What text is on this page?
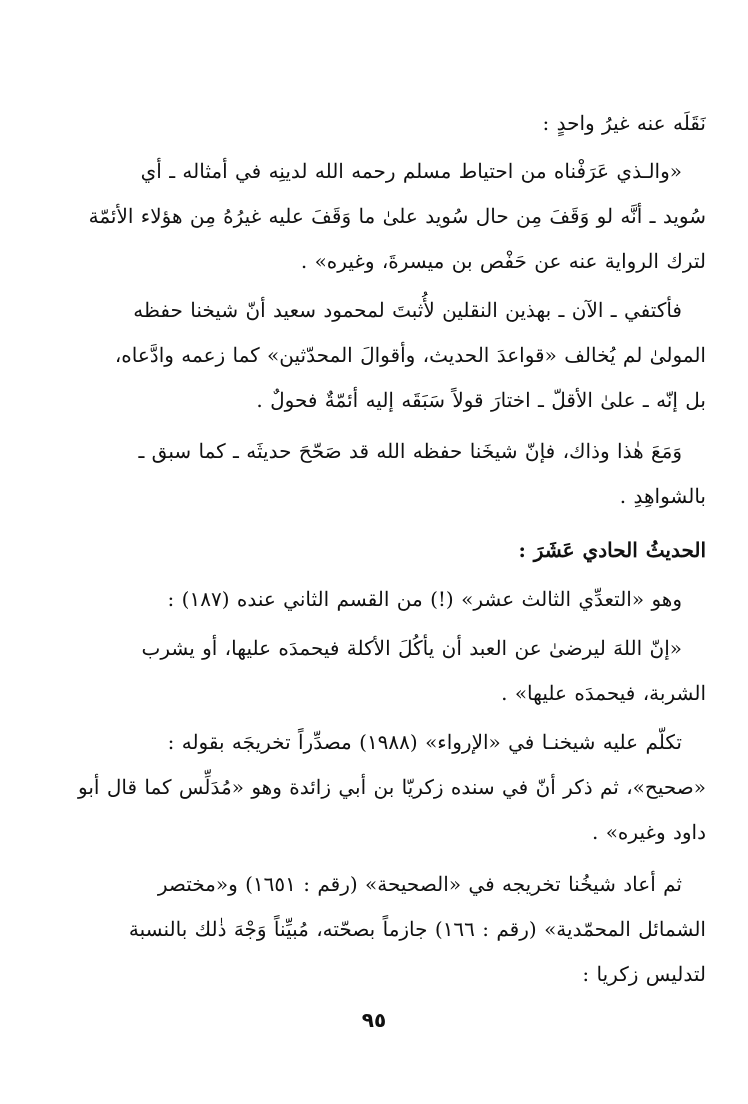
نَقَلَه عنه غيرُ واحدٍ :
«والـذي عَرَفْناه من احتياط مسلم رحمه الله لدينِه في أمثاله ـ أي
سُويد ـ أنَّه لو وَقَفَ مِن حال سُويد علىٰ ما وَقَفَ عليه غيرُهُ مِن هؤلاء الأئمّة
لترك الرواية عنه عن حَفْص بن ميسرةَ، وغيره» .
فأكتفي ـ الآن ـ بهذين النقلين لأُثبتَ لمحمود سعيد أنّ شيخنا حفظه
المولىٰ لم يُخالف «قواعدَ الحديث، وأقوالَ المحدّثين» كما زعمه وادَّعاه،
بل إنّه ـ علىٰ الأقلّ ـ اختارَ قولاً سَبَقَه إليه أئمّةٌ فحولٌ .
وَمَعَ هٰذا وذاك، فإنّ شيخَنا حفظه الله قد صَحّحَ حديثَه ـ كما سبق ـ
بالشواهِدِ .
الحديثُ الحادي عَشَرَ :
وهو «التعدِّي الثالث عشر» (!) من القسم الثاني عنده (١٨٧) :
«إنّ اللهَ ليرضىٰ عن العبد أن يأكُلَ الأكلة فيحمدَه عليها، أو يشرب
الشربة، فيحمدَه عليها» .
تكلّم عليه شيخنـا في «الإرواء» (١٩٨٨) مصدِّراً تخريجَه بقوله :
«صحيح»، ثم ذكر أنّ في سنده زكريّا بن أبي زائدة وهو «مُدَلِّس كما قال أبو
داود وغيره» .
ثم أعاد شيخُنا تخريجه في «الصحيحة» (رقم : ١٦٥١) و«مختصر
الشمائل المحمّدية» (رقم : ١٦٦) جازماً بصحّته، مُبيِّناً وَجْهَ ذٰلك بالنسبة
لتدليس زكريا :
٩٥
